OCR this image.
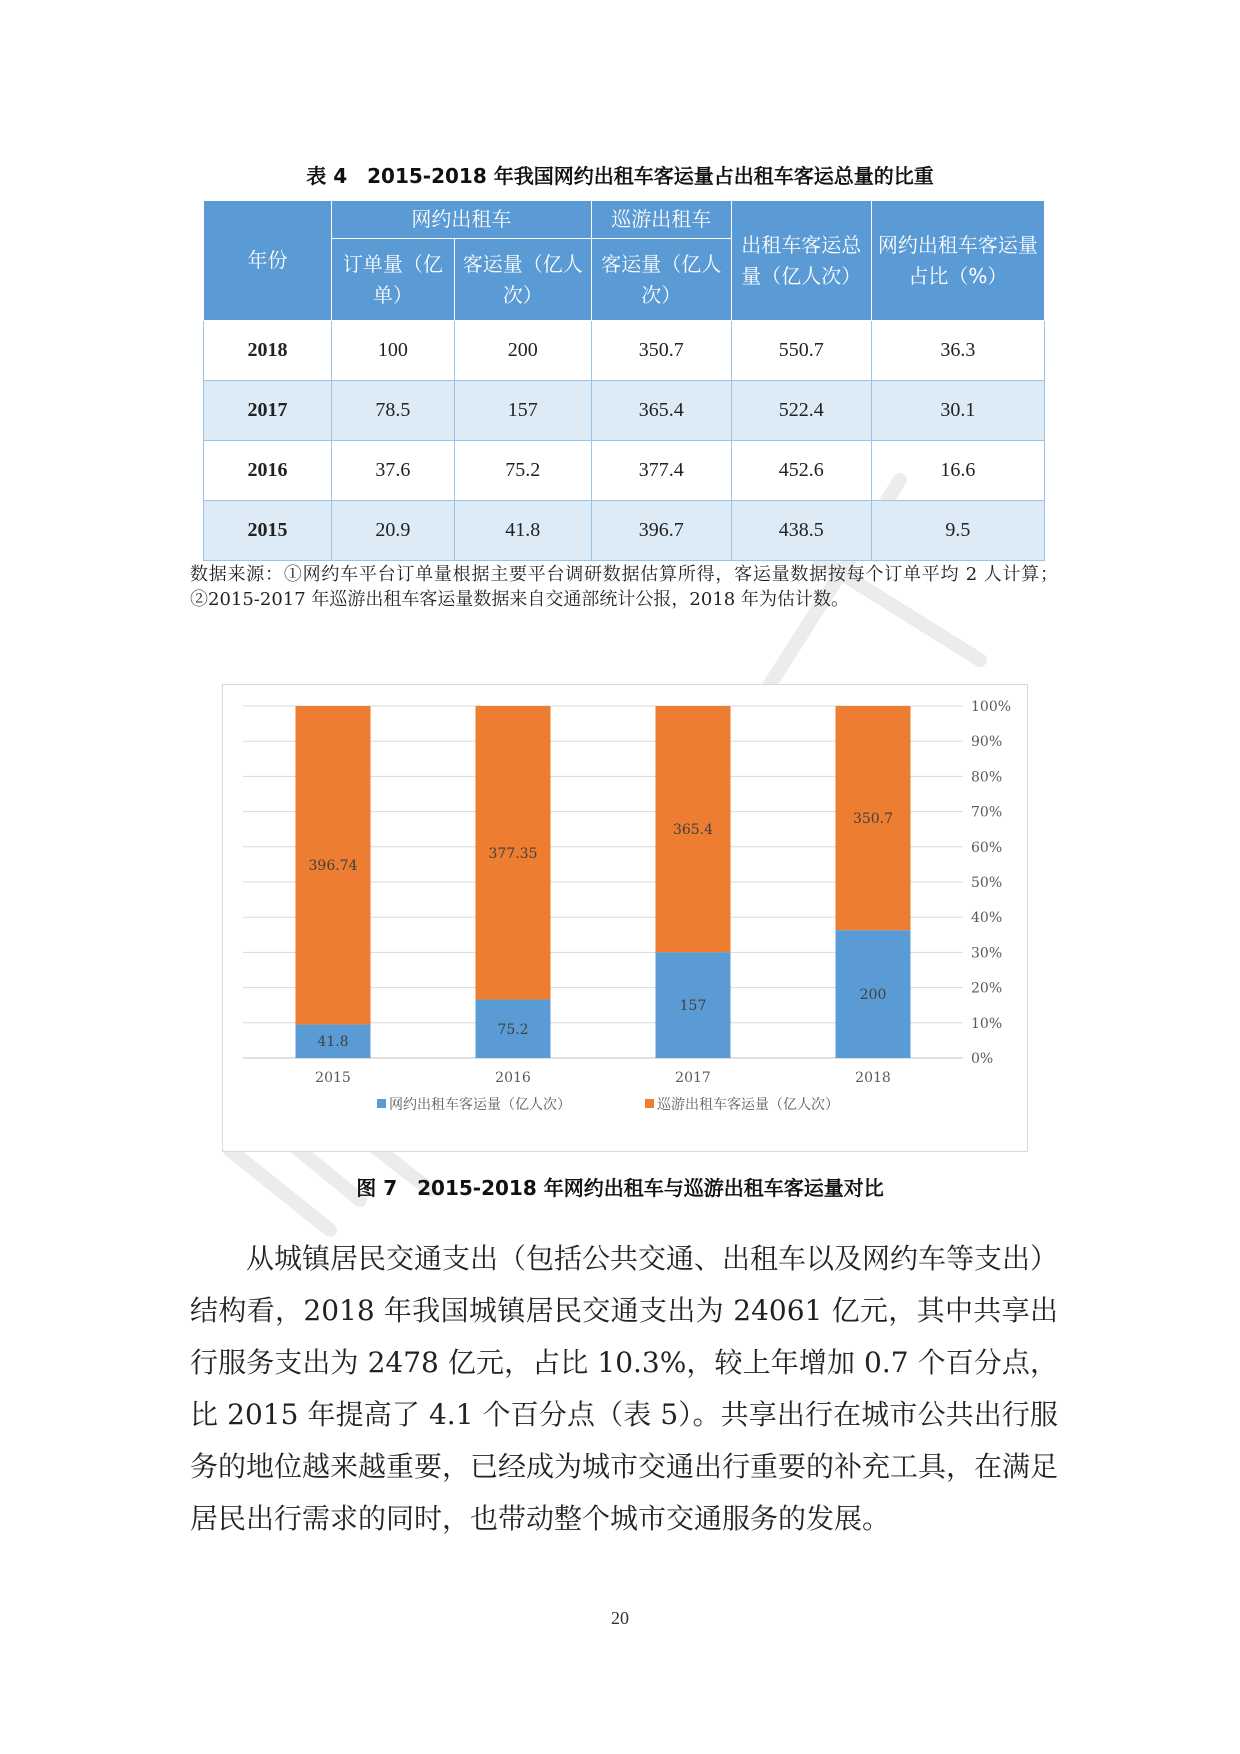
表 4　2015-2018 年我国网约出租车客运量占出租车客运总量的比重
年份	网约出租车		巡游出租车	出租车客运总量（亿人次）	网约出租车客运量占比（%）
	订单量（亿单）	客运量（亿人次）	客运量（亿人次）		
2018	100	200	350.7	550.7	36.3
2017	78.5	157	365.4	522.4	30.1
2016	37.6	75.2	377.4	452.6	16.6
2015	20.9	41.8	396.7	438.5	9.5
数据来源：①网约车平台订单量根据主要平台调研数据估算所得，客运量数据按每个订单平均 2 人计算；②2015-2017 年巡游出租车客运量数据来自交通部统计公报，2018 年为估计数。
0%
10%
20%
30%
40%
50%
60%
70%
80%
90%
100%
41.8
396.74
2015
75.2
377.35
2016
157
365.4
2017
200
350.7
2018
网约出租车客运量（亿人次）	巡游出租车客运量（亿人次）
图 7　2015-2018 年网约出租车与巡游出租车客运量对比

从城镇居民交通支出（包括公共交通、出租车以及网约车等支出）结构看，2018 年我国城镇居民交通支出为 24061 亿元，其中共享出行服务支出为 2478 亿元，占比 10.3%，较上年增加 0.7 个百分点，比 2015 年提高了 4.1 个百分点（表 5）。共享出行在城市公共出行服务的地位越来越重要，已经成为城市交通出行重要的补充工具，在满足居民出行需求的同时，也带动整个城市交通服务的发展。

20
